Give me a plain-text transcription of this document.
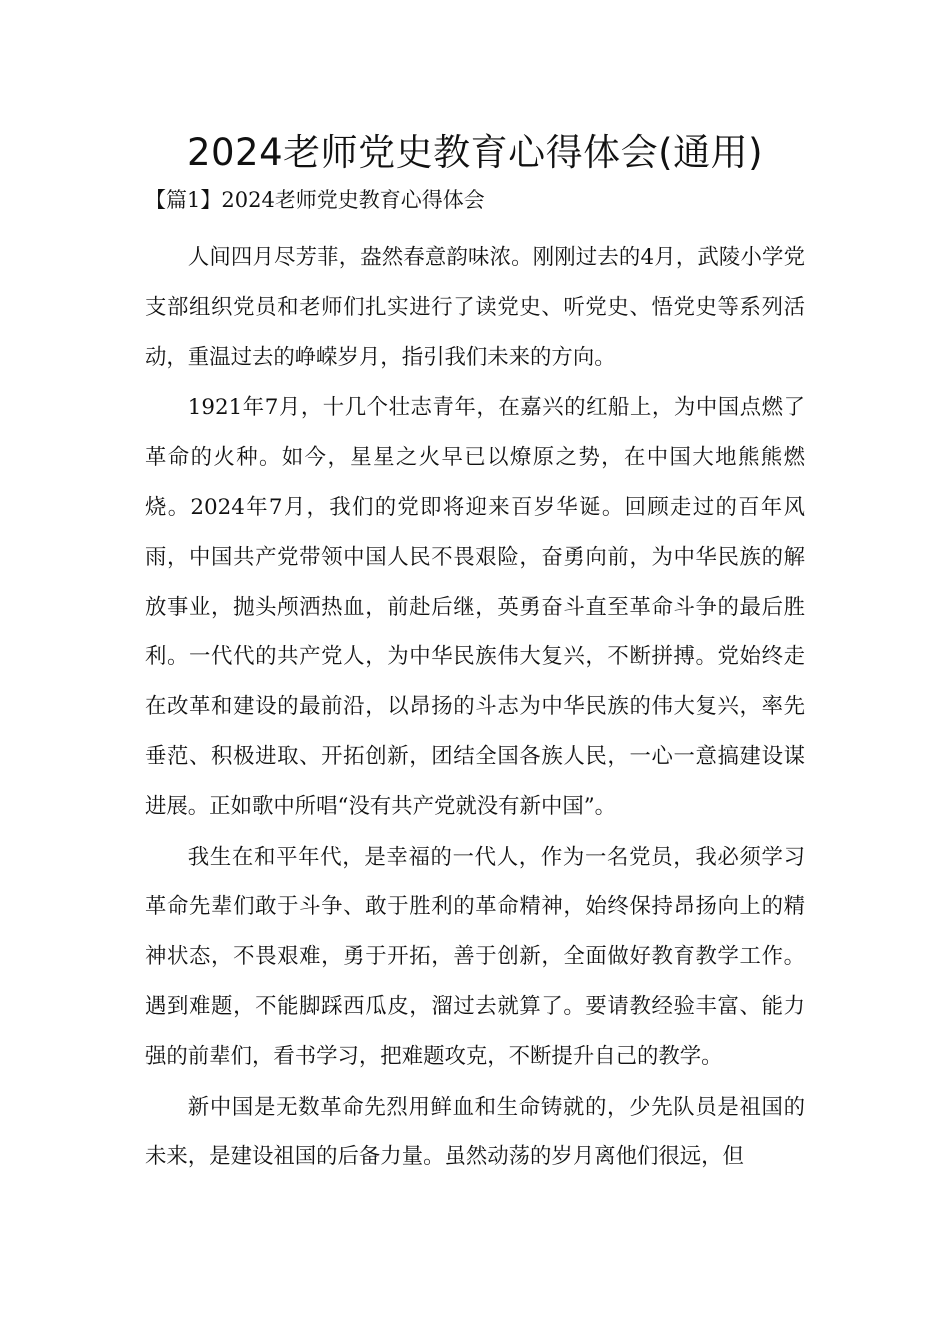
2024老师党史教育心得体会(通用)
【篇1】2024老师党史教育心得体会

人间四月尽芳菲，盎然春意韵味浓。刚刚过去的4月，武陵小学党支部组织党员和老师们扎实进行了读党史、听党史、悟党史等系列活动，重温过去的峥嵘岁月，指引我们未来的方向。

1921年7月，十几个壮志青年，在嘉兴的红船上，为中国点燃了革命的火种。如今，星星之火早已以燎原之势，在中国大地熊熊燃烧。2024年7月，我们的党即将迎来百岁华诞。回顾走过的百年风雨，中国共产党带领中国人民不畏艰险，奋勇向前，为中华民族的解放事业，抛头颅洒热血，前赴后继，英勇奋斗直至革命斗争的最后胜利。一代代的共产党人，为中华民族伟大复兴，不断拼搏。党始终走在改革和建设的最前沿，以昂扬的斗志为中华民族的伟大复兴，率先垂范、积极进取、开拓创新，团结全国各族人民，一心一意搞建设谋进展。正如歌中所唱“没有共产党就没有新中国”。

我生在和平年代，是幸福的一代人，作为一名党员，我必须学习革命先辈们敢于斗争、敢于胜利的革命精神，始终保持昂扬向上的精神状态，不畏艰难，勇于开拓，善于创新，全面做好教育教学工作。遇到难题，不能脚踩西瓜皮，溜过去就算了。要请教经验丰富、能力强的前辈们，看书学习，把难题攻克，不断提升自己的教学。

新中国是无数革命先烈用鲜血和生命铸就的，少先队员是祖国的未来，是建设祖国的后备力量。虽然动荡的岁月离他们很远，但
